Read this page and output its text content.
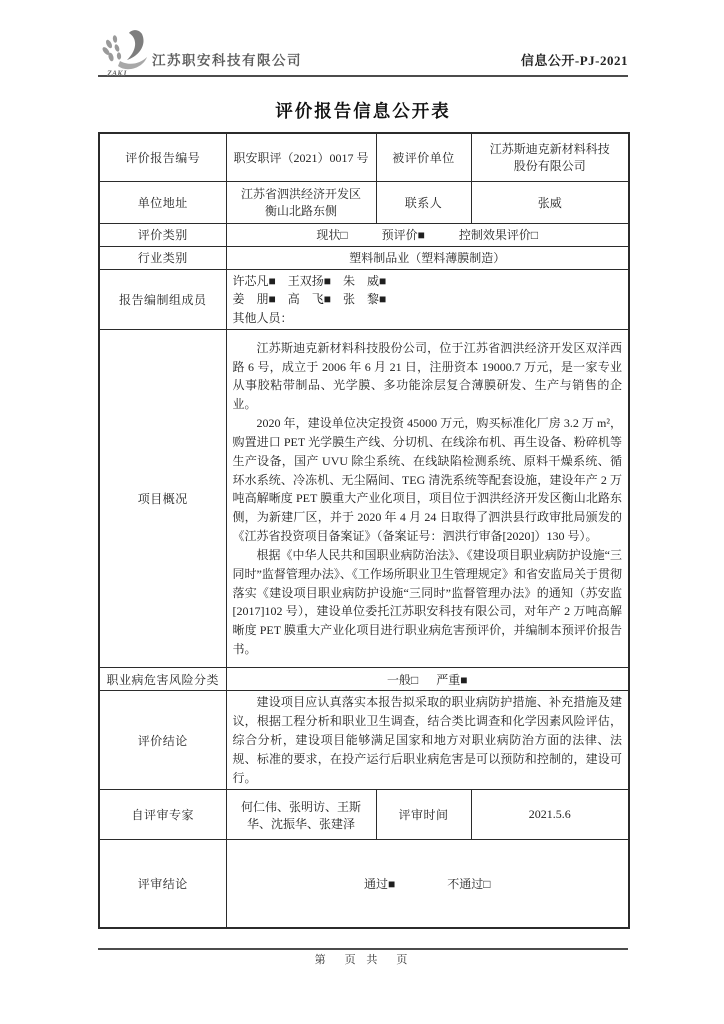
ZAKJ
江苏职安科技有限公司	信息公开-PJ-2021
评价报告信息公开表
评价报告编号	职安职评（2021）0017 号	被评价单位	江苏斯迪克新材料科技股份有限公司
单位地址	江苏省泗洪经济开发区衡山北路东侧	联系人	张威
评价类别	现状□ 预评价■ 控制效果评价□		

行业类别	塑料制品业（塑料薄膜制造）		
报告编制组成员	许芯凡■　王双扬■　朱　威■
姜　朋■　高　飞■　张　黎■
其他人员：		

项目概况	江苏斯迪克新材料科技股份公司，位于江苏省泗洪经济开发区双洋西路 6 号，成立于 2006 年 6 月 21 日，注册资本 19000.7 万元，是一家专业从事胶粘带制品、光学膜、多功能涂层复合薄膜研发、生产与销售的企业。

2020 年，建设单位决定投资 45000 万元，购买标准化厂房 3.2 万 m²，购置进口 PET 光学膜生产线、分切机、在线涂布机、再生设备、粉碎机等生产设备，国产 UVU 除尘系统、在线缺陷检测系统、原料干燥系统、循环水系统、冷冻机、无尘隔间、TEG 清洗系统等配套设施，建设年产 2 万吨高解晰度 PET 膜重大产业化项目，项目位于泗洪经济开发区衡山北路东侧，为新建厂区，并于 2020 年 4 月 24 日取得了泗洪县行政审批局颁发的《江苏省投资项目备案证》（备案证号：泗洪行审备[2020]）130 号）。

根据《中华人民共和国职业病防治法》、《建设项目职业病防护设施“三同时”监督管理办法》、《工作场所职业卫生管理规定》和省安监局关于贯彻落实《建设项目职业病防护设施“三同时”监督管理办法》的通知（苏安监[2017]102 号），建设单位委托江苏职安科技有限公司，对年产 2 万吨高解晰度 PET 膜重大产业化项目进行职业病危害预评价，并编制本预评价报告书。		

职业病危害风险分类	一般□ 严重■		

评价结论	建设项目应认真落实本报告拟采取的职业病防护措施、补充措施及建议，根据工程分析和职业卫生调查，结合类比调查和化学因素风险评估，综合分析，建设项目能够满足国家和地方对职业病防治方面的法律、法规、标准的要求，在投产运行后职业病危害是可以预防和控制的，建设可行。		

自评审专家	何仁伟、张明访、王斯华、沈振华、张建泽	评审时间	2021.5.6
评审结论	通过■ 不通过□		
第　页 共　页
